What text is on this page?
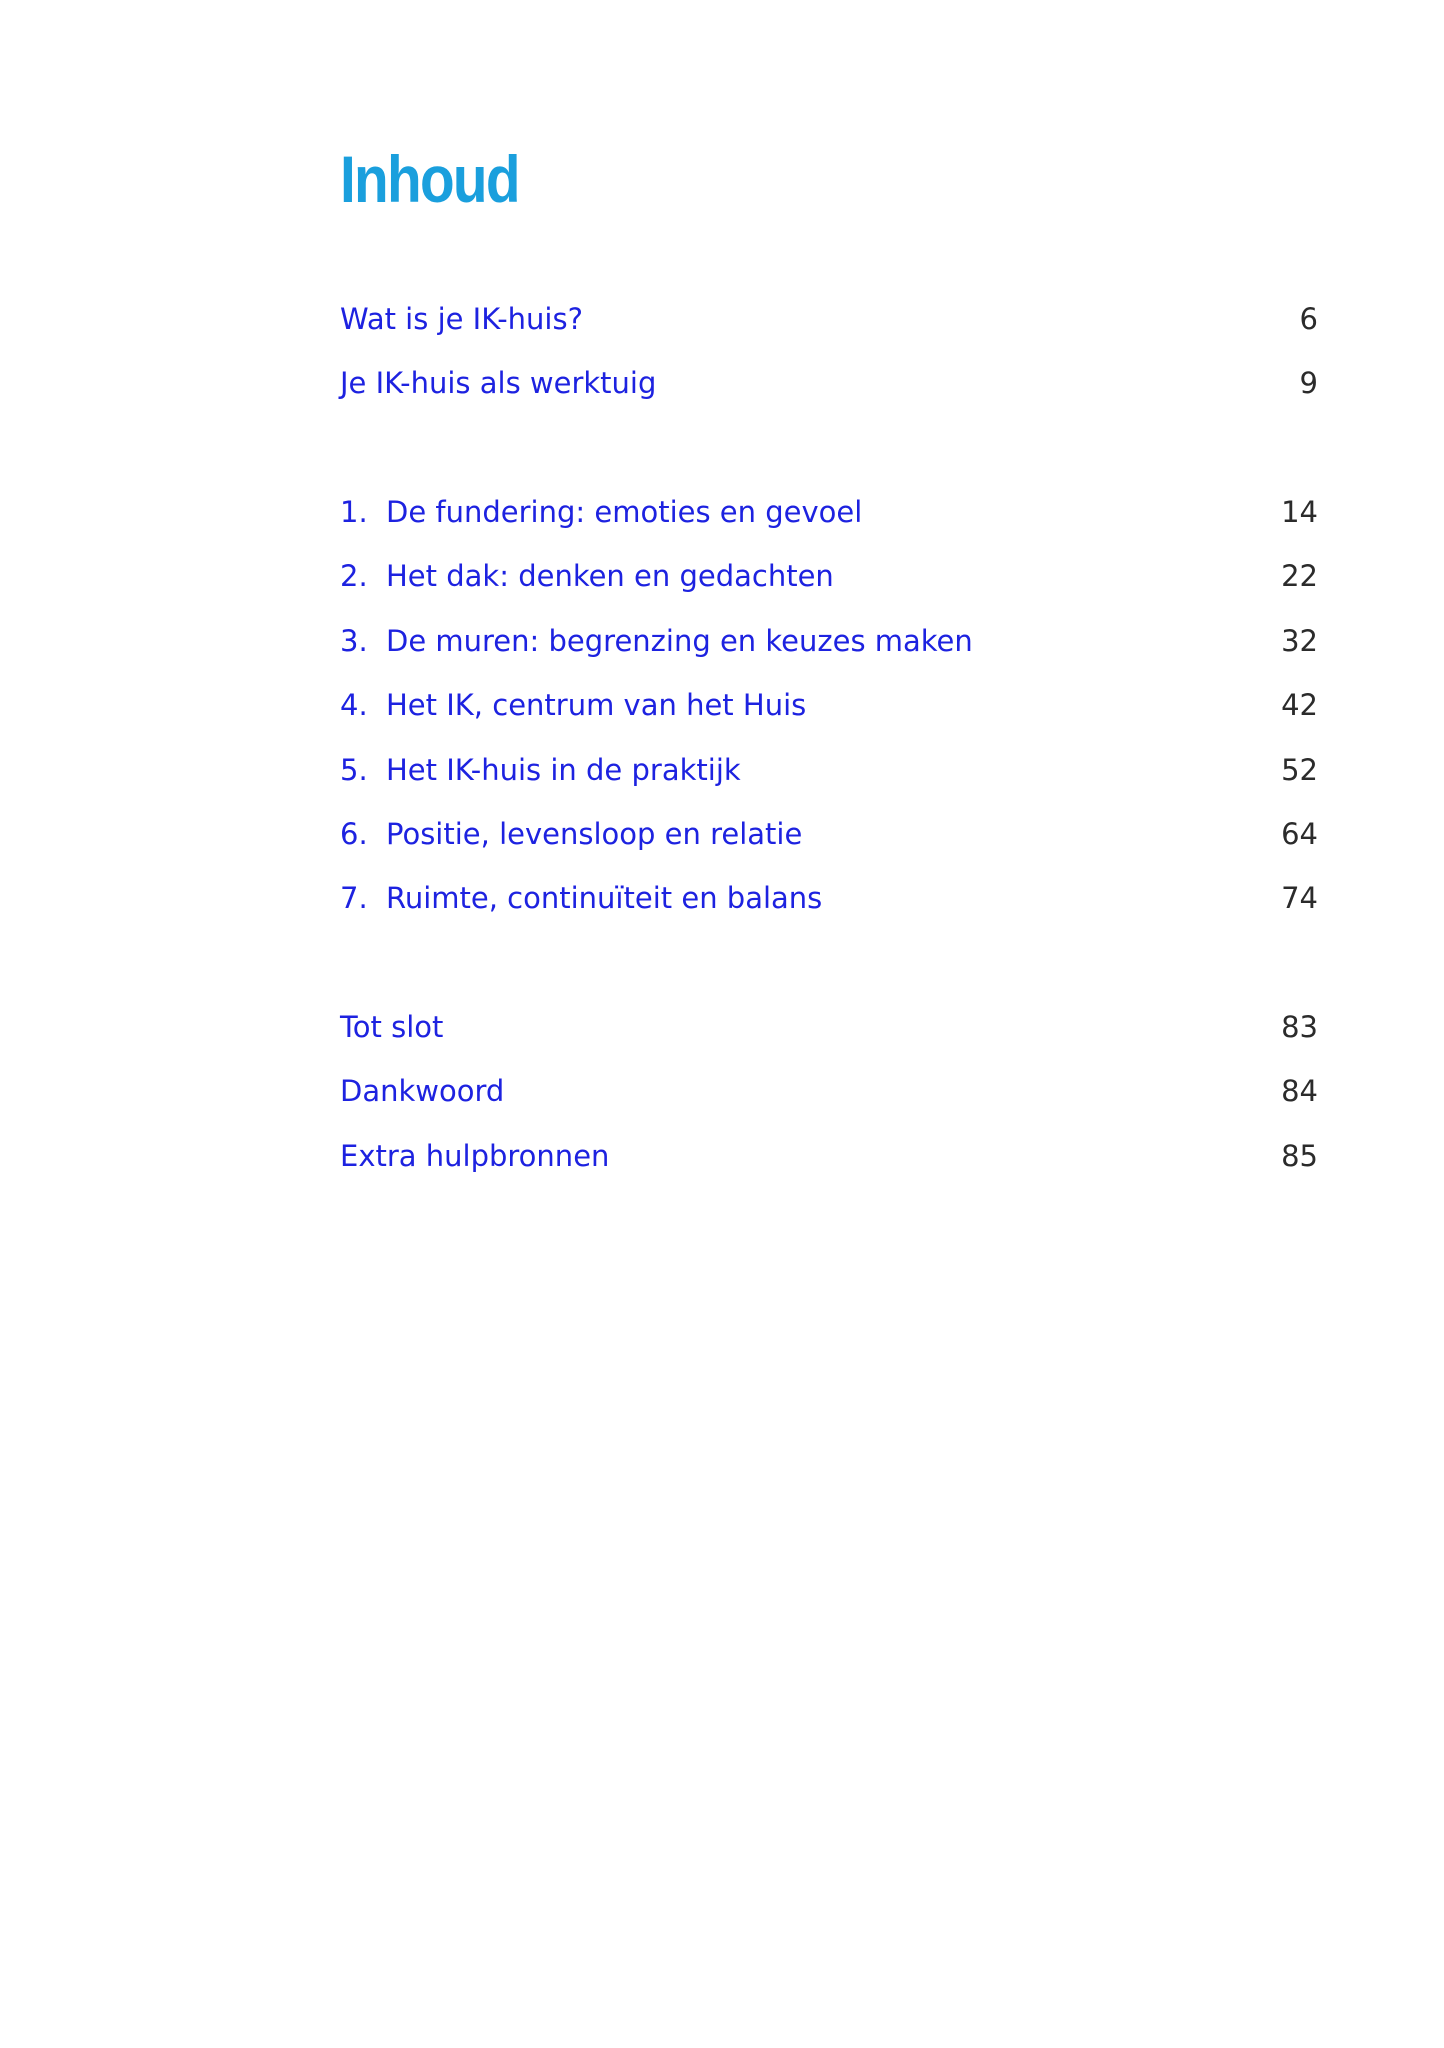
Inhoud
Wat is je IK-huis?	6
Je IK-huis als werktuig	9
1. De fundering: emoties en gevoel	14
2. Het dak: denken en gedachten	22
3. De muren: begrenzing en keuzes maken	32
4. Het IK, centrum van het Huis	42
5. Het IK-huis in de praktijk	52
6. Positie, levensloop en relatie	64
7. Ruimte, continuïteit en balans	74
Tot slot	83
Dankwoord	84
Extra hulpbronnen	85
